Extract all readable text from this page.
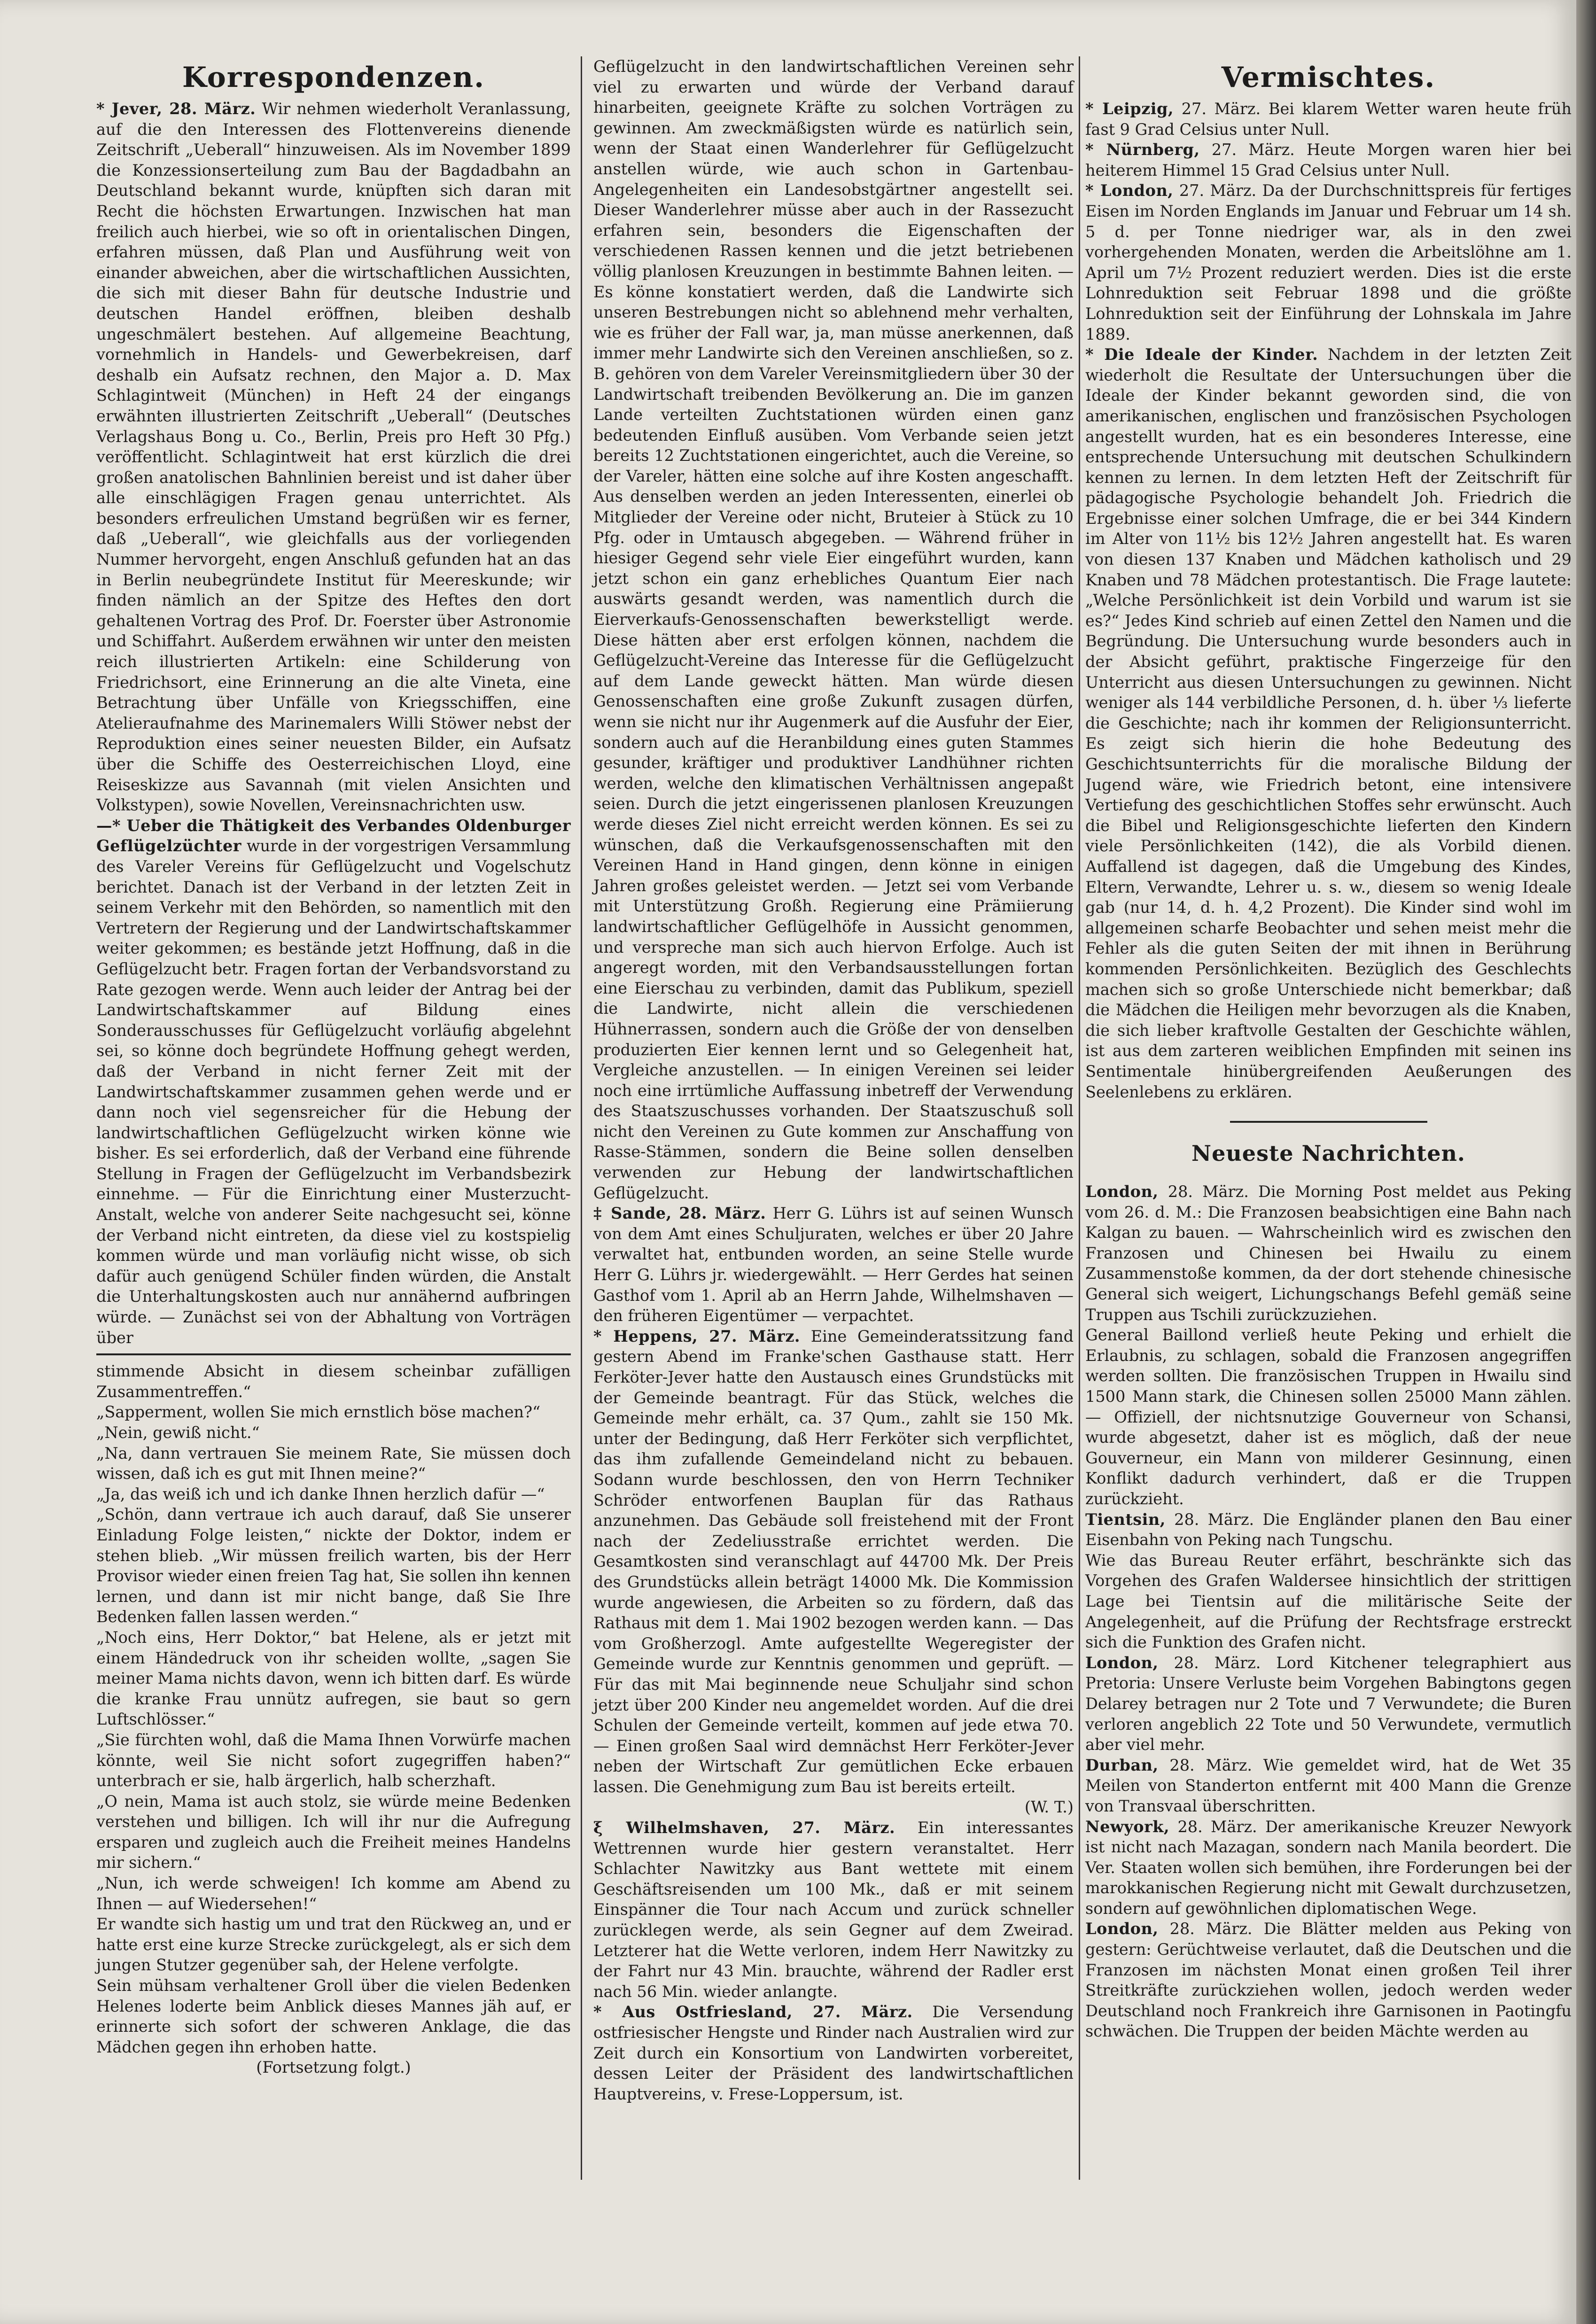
Korrespondenzen.

* Jever, 28. März. Wir nehmen wiederholt Veranlassung, auf die den Interessen des Flottenvereins dienende Zeitschrift „Ueberall“ hinzuweisen. Als im November 1899 die Konzessionserteilung zum Bau der Bagdadbahn an Deutschland bekannt wurde, knüpften sich daran mit Recht die höchsten Erwartungen. Inzwischen hat man freilich auch hierbei, wie so oft in orientalischen Dingen, erfahren müssen, daß Plan und Ausführung weit von einander abweichen, aber die wirtschaftlichen Aussichten, die sich mit dieser Bahn für deutsche Industrie und deutschen Handel eröffnen, bleiben deshalb ungeschmälert bestehen. Auf allgemeine Beachtung, vornehmlich in Handels- und Gewerbekreisen, darf deshalb ein Aufsatz rechnen, den Major a. D. Max Schlagintweit (München) in Heft 24 der eingangs erwähnten illustrierten Zeitschrift „Ueberall“ (Deutsches Verlagshaus Bong u. Co., Berlin, Preis pro Heft 30 Pfg.) veröffentlicht. Schlagintweit hat erst kürzlich die drei großen anatolischen Bahnlinien bereist und ist daher über alle einschlägigen Fragen genau unterrichtet. Als besonders erfreulichen Umstand begrüßen wir es ferner, daß „Ueberall“, wie gleichfalls aus der vorliegenden Nummer hervorgeht, engen Anschluß gefunden hat an das in Berlin neubegründete Institut für Meereskunde; wir finden nämlich an der Spitze des Heftes den dort gehaltenen Vortrag des Prof. Dr. Foerster über Astronomie und Schiffahrt. Außerdem erwähnen wir unter den meisten reich illustrierten Artikeln: eine Schilderung von Friedrichsort, eine Erinnerung an die alte Vineta, eine Betrachtung über Unfälle von Kriegsschiffen, eine Atelieraufnahme des Marinemalers Willi Stöwer nebst der Reproduktion eines seiner neuesten Bilder, ein Aufsatz über die Schiffe des Oesterreichischen Lloyd, eine Reiseskizze aus Savannah (mit vielen Ansichten und Volkstypen), sowie Novellen, Vereinsnachrichten usw.

—* Ueber die Thätigkeit des Verbandes Oldenburger Geflügelzüchter wurde in der vorgestrigen Versammlung des Vareler Vereins für Geflügelzucht und Vogelschutz berichtet. Danach ist der Verband in der letzten Zeit in seinem Verkehr mit den Behörden, so namentlich mit den Vertretern der Regierung und der Landwirtschaftskammer weiter gekommen; es bestände jetzt Hoffnung, daß in die Geflügelzucht betr. Fragen fortan der Verbandsvorstand zu Rate gezogen werde. Wenn auch leider der Antrag bei der Landwirtschaftskammer auf Bildung eines Sonderausschusses für Geflügelzucht vorläufig abgelehnt sei, so könne doch begründete Hoffnung gehegt werden, daß der Verband in nicht ferner Zeit mit der Landwirtschaftskammer zusammen gehen werde und er dann noch viel segensreicher für die Hebung der landwirtschaftlichen Geflügelzucht wirken könne wie bisher. Es sei erforderlich, daß der Verband eine führende Stellung in Fragen der Geflügelzucht im Verbandsbezirk einnehme. — Für die Einrichtung einer Musterzucht-Anstalt, welche von anderer Seite nachgesucht sei, könne der Verband nicht eintreten, da diese viel zu kostspielig kommen würde und man vorläufig nicht wisse, ob sich dafür auch genügend Schüler finden würden, die Anstalt die Unterhaltungskosten auch nur annähernd aufbringen würde. — Zunächst sei von der Abhaltung von Vorträgen über

stimmende Absicht in diesem scheinbar zufälligen Zusammentreffen.“

„Sapperment, wollen Sie mich ernstlich böse machen?“

„Nein, gewiß nicht.“

„Na, dann vertrauen Sie meinem Rate, Sie müssen doch wissen, daß ich es gut mit Ihnen meine?“

„Ja, das weiß ich und ich danke Ihnen herzlich dafür —“

„Schön, dann vertraue ich auch darauf, daß Sie unserer Einladung Folge leisten,“ nickte der Doktor, indem er stehen blieb. „Wir müssen freilich warten, bis der Herr Provisor wieder einen freien Tag hat, Sie sollen ihn kennen lernen, und dann ist mir nicht bange, daß Sie Ihre Bedenken fallen lassen werden.“

„Noch eins, Herr Doktor,“ bat Helene, als er jetzt mit einem Händedruck von ihr scheiden wollte, „sagen Sie meiner Mama nichts davon, wenn ich bitten darf. Es würde die kranke Frau unnütz aufregen, sie baut so gern Luftschlösser.“

„Sie fürchten wohl, daß die Mama Ihnen Vorwürfe machen könnte, weil Sie nicht sofort zugegriffen haben?“ unterbrach er sie, halb ärgerlich, halb scherzhaft.

„O nein, Mama ist auch stolz, sie würde meine Bedenken verstehen und billigen. Ich will ihr nur die Aufregung ersparen und zugleich auch die Freiheit meines Handelns mir sichern.“

„Nun, ich werde schweigen! Ich komme am Abend zu Ihnen — auf Wiedersehen!“

Er wandte sich hastig um und trat den Rückweg an, und er hatte erst eine kurze Strecke zurückgelegt, als er sich dem jungen Stutzer gegenüber sah, der Helene verfolgte.

Sein mühsam verhaltener Groll über die vielen Bedenken Helenes loderte beim Anblick dieses Mannes jäh auf, er erinnerte sich sofort der schweren Anklage, die das Mädchen gegen ihn erhoben hatte.

(Fortsetzung folgt.)

Geflügelzucht in den landwirtschaftlichen Vereinen sehr viel zu erwarten und würde der Verband darauf hinarbeiten, geeignete Kräfte zu solchen Vorträgen zu gewinnen. Am zweckmäßigsten würde es natürlich sein, wenn der Staat einen Wanderlehrer für Geflügelzucht anstellen würde, wie auch schon in Gartenbau-Angelegenheiten ein Landesobstgärtner angestellt sei. Dieser Wanderlehrer müsse aber auch in der Rassezucht erfahren sein, besonders die Eigenschaften der verschiedenen Rassen kennen und die jetzt betriebenen völlig planlosen Kreuzungen in bestimmte Bahnen leiten. — Es könne konstatiert werden, daß die Landwirte sich unseren Bestrebungen nicht so ablehnend mehr verhalten, wie es früher der Fall war, ja, man müsse anerkennen, daß immer mehr Landwirte sich den Vereinen anschließen, so z. B. gehören von dem Vareler Vereinsmitgliedern über 30 der Landwirtschaft treibenden Bevölkerung an. Die im ganzen Lande verteilten Zuchtstationen würden einen ganz bedeutenden Einfluß ausüben. Vom Verbande seien jetzt bereits 12 Zuchtstationen eingerichtet, auch die Vereine, so der Vareler, hätten eine solche auf ihre Kosten angeschafft. Aus denselben werden an jeden Interessenten, einerlei ob Mitglieder der Vereine oder nicht, Bruteier à Stück zu 10 Pfg. oder in Umtausch abgegeben. — Während früher in hiesiger Gegend sehr viele Eier eingeführt wurden, kann jetzt schon ein ganz erhebliches Quantum Eier nach auswärts gesandt werden, was namentlich durch die Eierverkaufs-Genossenschaften bewerkstelligt werde. Diese hätten aber erst erfolgen können, nachdem die Geflügelzucht-Vereine das Interesse für die Geflügelzucht auf dem Lande geweckt hätten. Man würde diesen Genossenschaften eine große Zukunft zusagen dürfen, wenn sie nicht nur ihr Augenmerk auf die Ausfuhr der Eier, sondern auch auf die Heranbildung eines guten Stammes gesunder, kräftiger und produktiver Landhühner richten werden, welche den klimatischen Verhältnissen angepaßt seien. Durch die jetzt eingerissenen planlosen Kreuzungen werde dieses Ziel nicht erreicht werden können. Es sei zu wünschen, daß die Verkaufsgenossenschaften mit den Vereinen Hand in Hand gingen, denn könne in einigen Jahren großes geleistet werden. — Jetzt sei vom Verbande mit Unterstützung Großh. Regierung eine Prämiierung landwirtschaftlicher Geflügelhöfe in Aussicht genommen, und verspreche man sich auch hiervon Erfolge. Auch ist angeregt worden, mit den Verbandsausstellungen fortan eine Eierschau zu verbinden, damit das Publikum, speziell die Landwirte, nicht allein die verschiedenen Hühnerrassen, sondern auch die Größe der von denselben produzierten Eier kennen lernt und so Gelegenheit hat, Vergleiche anzustellen. — In einigen Vereinen sei leider noch eine irrtümliche Auffassung inbetreff der Verwendung des Staatszuschusses vorhanden. Der Staatszuschuß soll nicht den Vereinen zu Gute kommen zur Anschaffung von Rasse-Stämmen, sondern die Beine sollen denselben verwenden zur Hebung der landwirtschaftlichen Geflügelzucht.

‡ Sande, 28. März. Herr G. Lührs ist auf seinen Wunsch von dem Amt eines Schuljuraten, welches er über 20 Jahre verwaltet hat, entbunden worden, an seine Stelle wurde Herr G. Lührs jr. wiedergewählt. — Herr Gerdes hat seinen Gasthof vom 1. April ab an Herrn Jahde, Wilhelmshaven — den früheren Eigentümer — verpachtet.

* Heppens, 27. März. Eine Gemeinderatssitzung fand gestern Abend im Franke'schen Gasthause statt. Herr Ferköter-Jever hatte den Austausch eines Grundstücks mit der Gemeinde beantragt. Für das Stück, welches die Gemeinde mehr erhält, ca. 37 Qum., zahlt sie 150 Mk. unter der Bedingung, daß Herr Ferköter sich verpflichtet, das ihm zufallende Gemeindeland nicht zu bebauen. Sodann wurde beschlossen, den von Herrn Techniker Schröder entworfenen Bauplan für das Rathaus anzunehmen. Das Gebäude soll freistehend mit der Front nach der Zedeliusstraße errichtet werden. Die Gesamtkosten sind veranschlagt auf 44700 Mk. Der Preis des Grundstücks allein beträgt 14000 Mk. Die Kommission wurde angewiesen, die Arbeiten so zu fördern, daß das Rathaus mit dem 1. Mai 1902 bezogen werden kann. — Das vom Großherzogl. Amte aufgestellte Wegeregister der Gemeinde wurde zur Kenntnis genommen und geprüft. — Für das mit Mai beginnende neue Schuljahr sind schon jetzt über 200 Kinder neu angemeldet worden. Auf die drei Schulen der Gemeinde verteilt, kommen auf jede etwa 70. — Einen großen Saal wird demnächst Herr Ferköter-Jever neben der Wirtschaft Zur gemütlichen Ecke erbauen lassen. Die Genehmigung zum Bau ist bereits erteilt.

(W. T.)

ξ Wilhelmshaven, 27. März. Ein interessantes Wettrennen wurde hier gestern veranstaltet. Herr Schlachter Nawitzky aus Bant wettete mit einem Geschäftsreisenden um 100 Mk., daß er mit seinem Einspänner die Tour nach Accum und zurück schneller zurücklegen werde, als sein Gegner auf dem Zweirad. Letzterer hat die Wette verloren, indem Herr Nawitzky zu der Fahrt nur 43 Min. brauchte, während der Radler erst nach 56 Min. wieder anlangte.

* Aus Ostfriesland, 27. März. Die Versendung ostfriesischer Hengste und Rinder nach Australien wird zur Zeit durch ein Konsortium von Landwirten vorbereitet, dessen Leiter der Präsident des landwirtschaftlichen Hauptvereins, v. Frese-Loppersum, ist.

Vermischtes.

* Leipzig, 27. März. Bei klarem Wetter waren heute früh fast 9 Grad Celsius unter Null.

* Nürnberg, 27. März. Heute Morgen waren hier bei heiterem Himmel 15 Grad Celsius unter Null.

* London, 27. März. Da der Durchschnittspreis für fertiges Eisen im Norden Englands im Januar und Februar um 14 sh. 5 d. per Tonne niedriger war, als in den zwei vorhergehenden Monaten, werden die Arbeitslöhne am 1. April um 7½ Prozent reduziert werden. Dies ist die erste Lohnreduktion seit Februar 1898 und die größte Lohnreduktion seit der Einführung der Lohnskala im Jahre 1889.

* Die Ideale der Kinder. Nachdem in der letzten Zeit wiederholt die Resultate der Untersuchungen über die Ideale der Kinder bekannt geworden sind, die von amerikanischen, englischen und französischen Psychologen angestellt wurden, hat es ein besonderes Interesse, eine entsprechende Untersuchung mit deutschen Schulkindern kennen zu lernen. In dem letzten Heft der Zeitschrift für pädagogische Psychologie behandelt Joh. Friedrich die Ergebnisse einer solchen Umfrage, die er bei 344 Kindern im Alter von 11½ bis 12½ Jahren angestellt hat. Es waren von diesen 137 Knaben und Mädchen katholisch und 29 Knaben und 78 Mädchen protestantisch. Die Frage lautete: „Welche Persönlichkeit ist dein Vorbild und warum ist sie es?“ Jedes Kind schrieb auf einen Zettel den Namen und die Begründung. Die Untersuchung wurde besonders auch in der Absicht geführt, praktische Fingerzeige für den Unterricht aus diesen Untersuchungen zu gewinnen. Nicht weniger als 144 verbildliche Personen, d. h. über ⅓ lieferte die Geschichte; nach ihr kommen der Religionsunterricht. Es zeigt sich hierin die hohe Bedeutung des Geschichtsunterrichts für die moralische Bildung der Jugend wäre, wie Friedrich betont, eine intensivere Vertiefung des geschichtlichen Stoffes sehr erwünscht. Auch die Bibel und Religionsgeschichte lieferten den Kindern viele Persönlichkeiten (142), die als Vorbild dienen. Auffallend ist dagegen, daß die Umgebung des Kindes, Eltern, Verwandte, Lehrer u. s. w., diesem so wenig Ideale gab (nur 14, d. h. 4,2 Prozent). Die Kinder sind wohl im allgemeinen scharfe Beobachter und sehen meist mehr die Fehler als die guten Seiten der mit ihnen in Berührung kommenden Persönlichkeiten. Bezüglich des Geschlechts machen sich so große Unterschiede nicht bemerkbar; daß die Mädchen die Heiligen mehr bevorzugen als die Knaben, die sich lieber kraftvolle Gestalten der Geschichte wählen, ist aus dem zarteren weiblichen Empfinden mit seinen ins Sentimentale hinübergreifenden Aeußerungen des Seelenlebens zu erklären.

Neueste Nachrichten.

London, 28. März. Die Morning Post meldet aus Peking vom 26. d. M.: Die Franzosen beabsichtigen eine Bahn nach Kalgan zu bauen. — Wahrscheinlich wird es zwischen den Franzosen und Chinesen bei Hwailu zu einem Zusammenstoße kommen, da der dort stehende chinesische General sich weigert, Lichungschangs Befehl gemäß seine Truppen aus Tschili zurückzuziehen.

General Baillond verließ heute Peking und erhielt die Erlaubnis, zu schlagen, sobald die Franzosen angegriffen werden sollten. Die französischen Truppen in Hwailu sind 1500 Mann stark, die Chinesen sollen 25000 Mann zählen. — Offiziell, der nichtsnutzige Gouverneur von Schansi, wurde abgesetzt, daher ist es möglich, daß der neue Gouverneur, ein Mann von milderer Gesinnung, einen Konflikt dadurch verhindert, daß er die Truppen zurückzieht.

Tientsin, 28. März. Die Engländer planen den Bau einer Eisenbahn von Peking nach Tungschu.

Wie das Bureau Reuter erfährt, beschränkte sich das Vorgehen des Grafen Waldersee hinsichtlich der strittigen Lage bei Tientsin auf die militärische Seite der Angelegenheit, auf die Prüfung der Rechtsfrage erstreckt sich die Funktion des Grafen nicht.

London, 28. März. Lord Kitchener telegraphiert aus Pretoria: Unsere Verluste beim Vorgehen Babingtons gegen Delarey betragen nur 2 Tote und 7 Verwundete; die Buren verloren angeblich 22 Tote und 50 Verwundete, vermutlich aber viel mehr.

Durban, 28. März. Wie gemeldet wird, hat de Wet 35 Meilen von Standerton entfernt mit 400 Mann die Grenze von Transvaal überschritten.

Newyork, 28. März. Der amerikanische Kreuzer Newyork ist nicht nach Mazagan, sondern nach Manila beordert. Die Ver. Staaten wollen sich bemühen, ihre Forderungen bei der marokkanischen Regierung nicht mit Gewalt durchzusetzen, sondern auf gewöhnlichen diplomatischen Wege.

London, 28. März. Die Blätter melden aus Peking von gestern: Gerüchtweise verlautet, daß die Deutschen und die Franzosen im nächsten Monat einen großen Teil ihrer Streitkräfte zurückziehen wollen, jedoch werden weder Deutschland noch Frankreich ihre Garnisonen in Paotingfu schwächen. Die Truppen der beiden Mächte werden au
